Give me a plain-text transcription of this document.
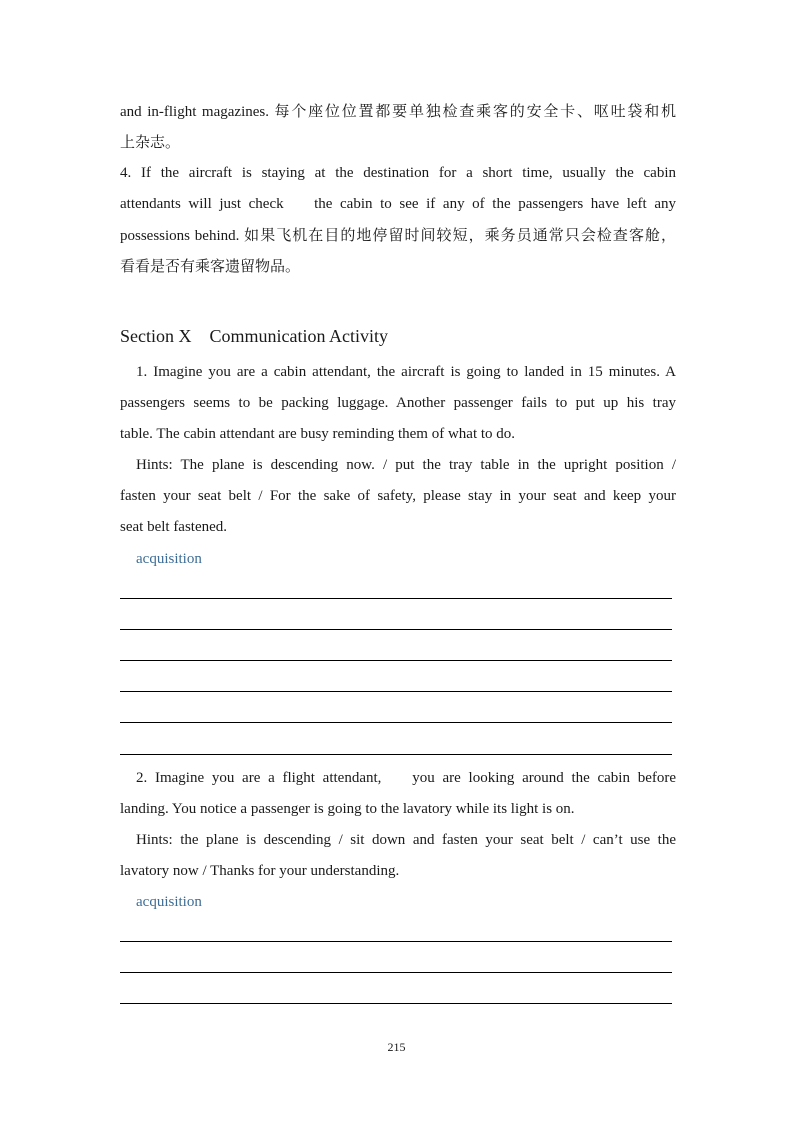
and in-flight magazines. 每个座位位置都要单独检查乘客的安全卡、呕吐袋和机
上杂志。
4. If the aircraft is staying at the destination for a short time, usually the cabin
attendants will just check    the cabin to see if any of the passengers have left any
possessions behind. 如果飞机在目的地停留时间较短，乘务员通常只会检查客舱，
看看是否有乘客遗留物品。
Section X    Communication Activity
1. Imagine you are a cabin attendant, the aircraft is going to landed in 15 minutes. A
passengers seems to be packing luggage. Another passenger fails to put up his tray
table. The cabin attendant are busy reminding them of what to do.
Hints: The plane is descending now. / put the tray table in the upright position /
fasten your seat belt / For the sake of safety, please stay in your seat and keep your
seat belt fastened.
acquisition
2. Imagine you are a flight attendant,    you are looking around the cabin before
landing. You notice a passenger is going to the lavatory while its light is on.
Hints: the plane is descending / sit down and fasten your seat belt / can’t use the
lavatory now / Thanks for your understanding.
acquisition
215
